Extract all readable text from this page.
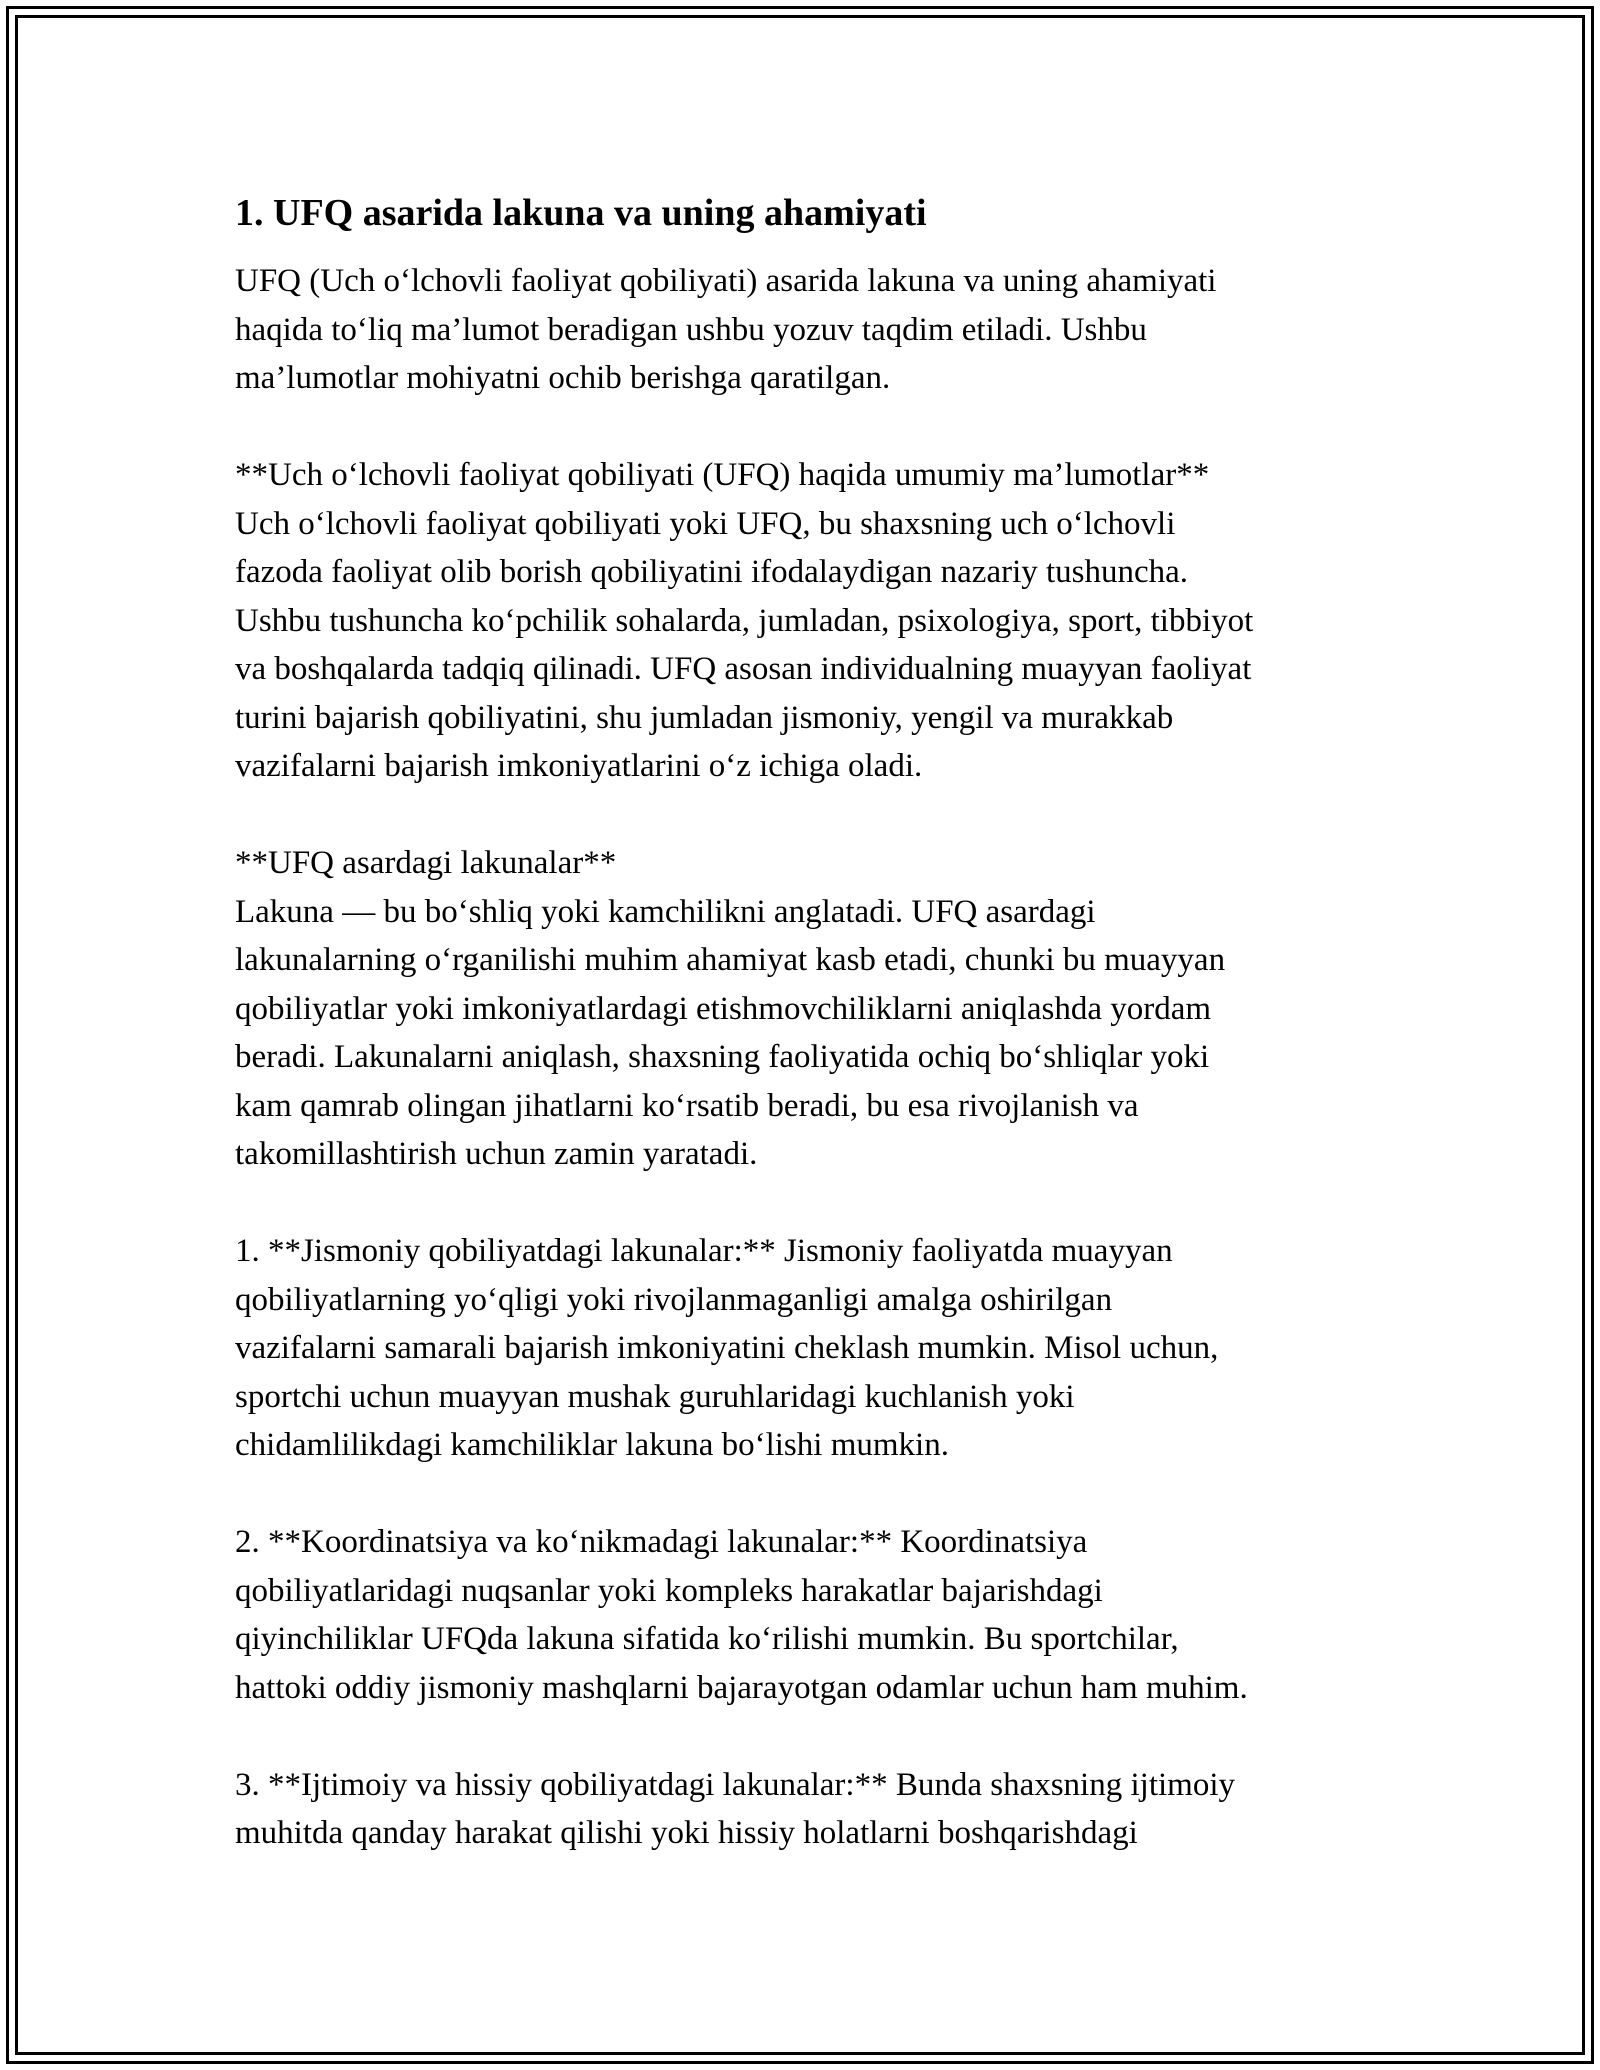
1. UFQ asarida lakuna va uning ahamiyati

UFQ (Uch o‘lchovli faoliyat qobiliyati) asarida lakuna va uning ahamiyati
haqida to‘liq ma’lumot beradigan ushbu yozuv taqdim etiladi. Ushbu
ma’lumotlar mohiyatni ochib berishga qaratilgan.

**Uch o‘lchovli faoliyat qobiliyati (UFQ) haqida umumiy ma’lumotlar**
Uch o‘lchovli faoliyat qobiliyati yoki UFQ, bu shaxsning uch o‘lchovli
fazoda faoliyat olib borish qobiliyatini ifodalaydigan nazariy tushuncha.
Ushbu tushuncha ko‘pchilik sohalarda, jumladan, psixologiya, sport, tibbiyot
va boshqalarda tadqiq qilinadi. UFQ asosan individualning muayyan faoliyat
turini bajarish qobiliyatini, shu jumladan jismoniy, yengil va murakkab
vazifalarni bajarish imkoniyatlarini o‘z ichiga oladi.

**UFQ asardagi lakunalar**
Lakuna — bu bo‘shliq yoki kamchilikni anglatadi. UFQ asardagi
lakunalarning o‘rganilishi muhim ahamiyat kasb etadi, chunki bu muayyan
qobiliyatlar yoki imkoniyatlardagi etishmovchiliklarni aniqlashda yordam
beradi. Lakunalarni aniqlash, shaxsning faoliyatida ochiq bo‘shliqlar yoki
kam qamrab olingan jihatlarni ko‘rsatib beradi, bu esa rivojlanish va
takomillashtirish uchun zamin yaratadi.

1. **Jismoniy qobiliyatdagi lakunalar:** Jismoniy faoliyatda muayyan
qobiliyatlarning yo‘qligi yoki rivojlanmaganligi amalga oshirilgan
vazifalarni samarali bajarish imkoniyatini cheklash mumkin. Misol uchun,
sportchi uchun muayyan mushak guruhlaridagi kuchlanish yoki
chidamlilikdagi kamchiliklar lakuna bo‘lishi mumkin.

2. **Koordinatsiya va ko‘nikmadagi lakunalar:** Koordinatsiya
qobiliyatlaridagi nuqsanlar yoki kompleks harakatlar bajarishdagi
qiyinchiliklar UFQda lakuna sifatida ko‘rilishi mumkin. Bu sportchilar,
hattoki oddiy jismoniy mashqlarni bajarayotgan odamlar uchun ham muhim.

3. **Ijtimoiy va hissiy qobiliyatdagi lakunalar:** Bunda shaxsning ijtimoiy
muhitda qanday harakat qilishi yoki hissiy holatlarni boshqarishdagi
